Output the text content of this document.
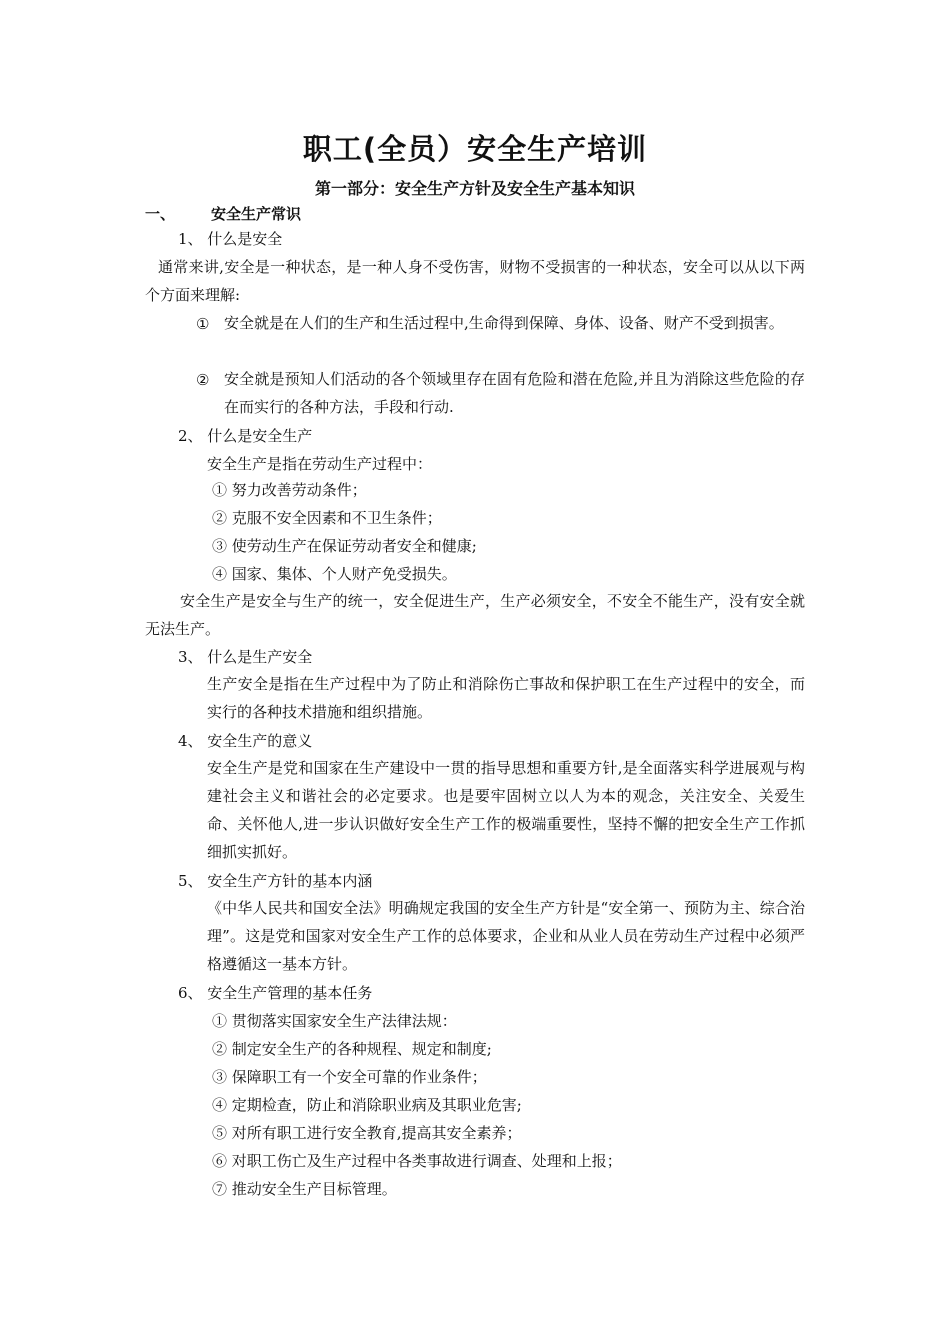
职工(全员）安全生产培训
第一部分：安全生产方针及安全生产基本知识
一、 安全生产常识
1、 什么是安全
通常来讲,安全是一种状态，是一种人身不受伤害，财物不受损害的一种状态，安全可以从以下两个方面来理解:
① 安全就是在人们的生产和生活过程中,生命得到保障、身体、设备、财产不受到损害。
② 安全就是预知人们活动的各个领域里存在固有危险和潜在危险,并且为消除这些危险的存在而实行的各种方法，手段和行动.
2、 什么是安全生产
安全生产是指在劳动生产过程中：
① 努力改善劳动条件；
② 克服不安全因素和不卫生条件；
③ 使劳动生产在保证劳动者安全和健康;
④ 国家、集体、个人财产免受损失。
安全生产是安全与生产的统一，安全促进生产，生产必须安全，不安全不能生产，没有安全就无法生产。
3、 什么是生产安全
生产安全是指在生产过程中为了防止和消除伤亡事故和保护职工在生产过程中的安全，而实行的各种技术措施和组织措施。
4、 安全生产的意义
安全生产是党和国家在生产建设中一贯的指导思想和重要方针,是全面落实科学进展观与构建社会主义和谐社会的必定要求。也是要牢固树立以人为本的观念，关注安全、关爱生命、关怀他人,进一步认识做好安全生产工作的极端重要性，坚持不懈的把安全生产工作抓细抓实抓好。
5、 安全生产方针的基本内涵
《中华人民共和国安全法》明确规定我国的安全生产方针是“安全第一、预防为主、综合治理”。这是党和国家对安全生产工作的总体要求，企业和从业人员在劳动生产过程中必须严格遵循这一基本方针。
6、 安全生产管理的基本任务
① 贯彻落实国家安全生产法律法规：
② 制定安全生产的各种规程、规定和制度;
③ 保障职工有一个安全可靠的作业条件；
④ 定期检查，防止和消除职业病及其职业危害;
⑤ 对所有职工进行安全教育,提高其安全素养；
⑥ 对职工伤亡及生产过程中各类事故进行调查、处理和上报；
⑦ 推动安全生产目标管理。
